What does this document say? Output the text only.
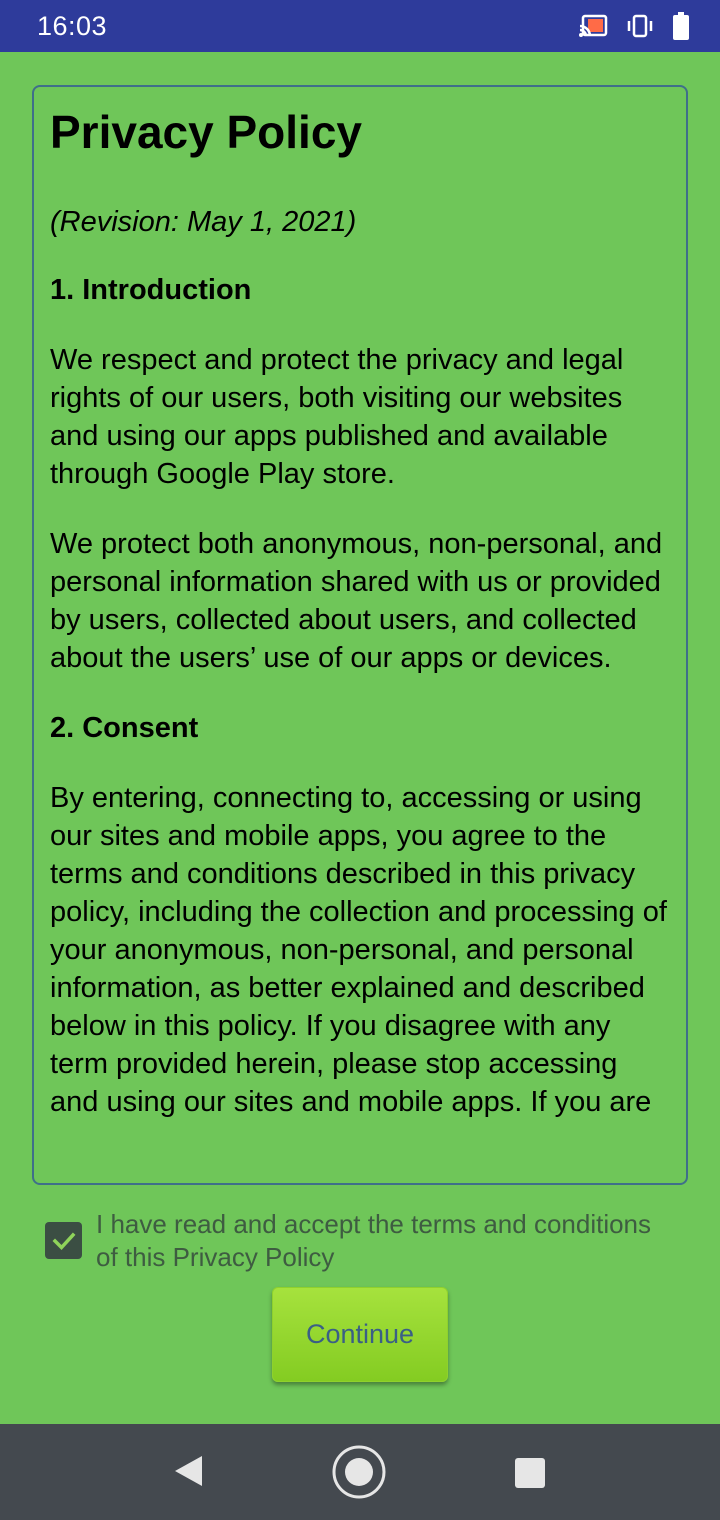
16:03
Privacy Policy
(Revision: May 1, 2021)
1. Introduction
We respect and protect the privacy and legal rights of our users, both visiting our websites and using our apps published and available through Google Play store.
We protect both anonymous, non-personal, and personal information shared with us or provided by users, collected about users, and collected about the users’ use of our apps or devices.
2. Consent
By entering, connecting to, accessing or using our sites and mobile apps, you agree to the terms and conditions described in this privacy policy, including the collection and processing of your anonymous, non-personal, and personal information, as better explained and described below in this policy. If you disagree with any term provided herein, please stop accessing and using our sites and mobile apps. If you are
I have read and accept the terms and conditions of this Privacy Policy
Continue
